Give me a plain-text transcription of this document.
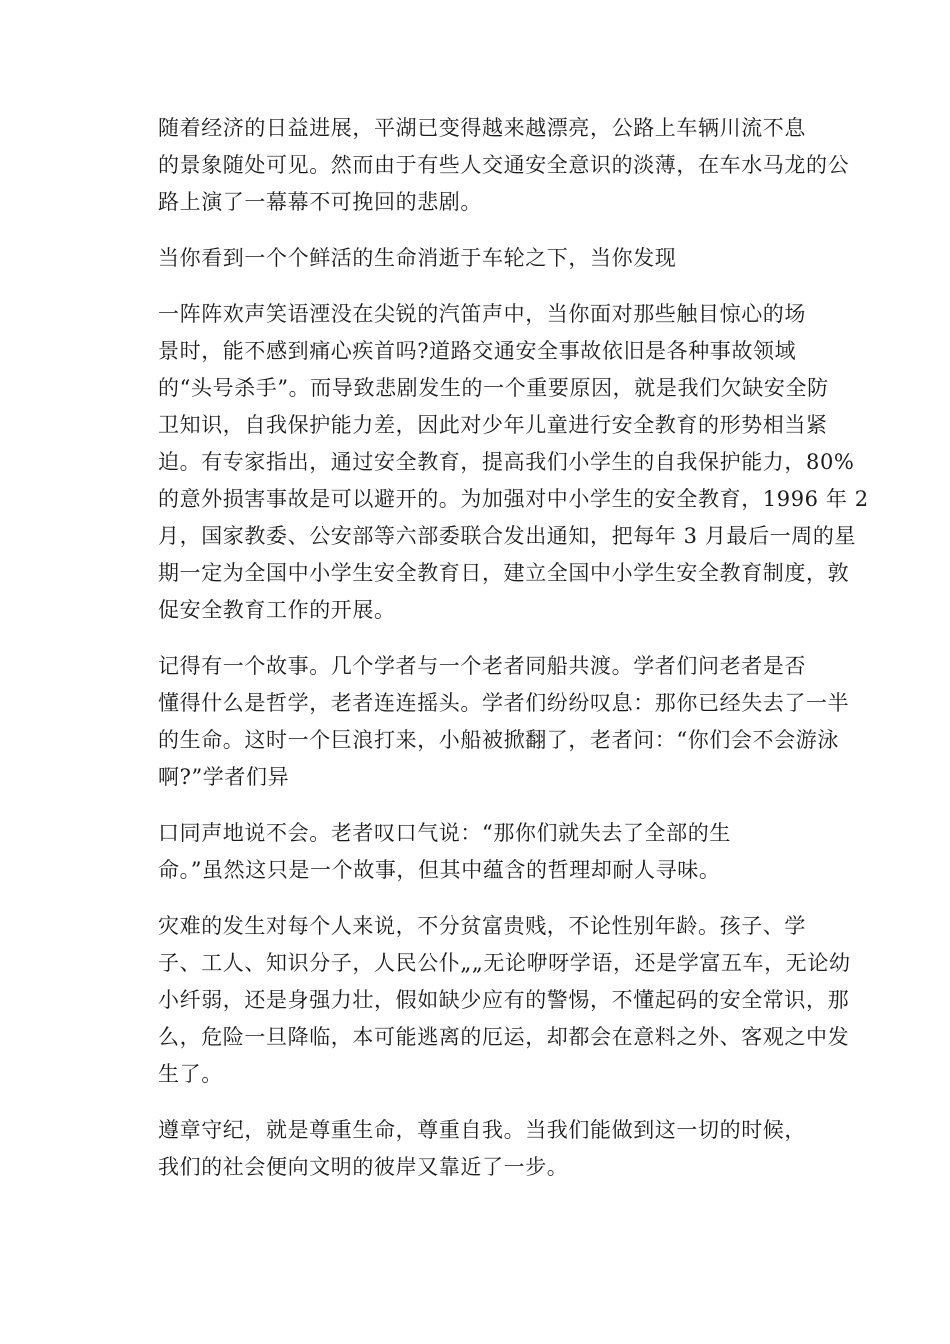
随着经济的日益进展，平湖已变得越来越漂亮，公路上车辆川流不息
的景象随处可见。然而由于有些人交通安全意识的淡薄，在车水马龙的公
路上演了一幕幕不可挽回的悲剧。

当你看到一个个鲜活的生命消逝于车轮之下，当你发现

一阵阵欢声笑语湮没在尖锐的汽笛声中，当你面对那些触目惊心的场
景时，能不感到痛心疾首吗?道路交通安全事故依旧是各种事故领域
的“头号杀手”。而导致悲剧发生的一个重要原因，就是我们欠缺安全防
卫知识，自我保护能力差，因此对少年儿童进行安全教育的形势相当紧
迫。有专家指出，通过安全教育，提高我们小学生的自我保护能力，80%
的意外损害事故是可以避开的。为加强对中小学生的安全教育，1996 年 2
月，国家教委、公安部等六部委联合发出通知，把每年 3 月最后一周的星
期一定为全国中小学生安全教育日，建立全国中小学生安全教育制度，敦
促安全教育工作的开展。

记得有一个故事。几个学者与一个老者同船共渡。学者们问老者是否
懂得什么是哲学，老者连连摇头。学者们纷纷叹息：那你已经失去了一半
的生命。这时一个巨浪打来，小船被掀翻了，老者问：“你们会不会游泳
啊?”学者们异

口同声地说不会。老者叹口气说：“那你们就失去了全部的生
命。”虽然这只是一个故事，但其中蕴含的哲理却耐人寻味。

灾难的发生对每个人来说，不分贫富贵贱，不论性别年龄。孩子、学
子、工人、知识分子，人民公仆„„无论咿呀学语，还是学富五车，无论幼
小纤弱，还是身强力壮，假如缺少应有的警惕，不懂起码的安全常识，那
么，危险一旦降临，本可能逃离的厄运，却都会在意料之外、客观之中发
生了。

遵章守纪，就是尊重生命，尊重自我。当我们能做到这一切的时候，
我们的社会便向文明的彼岸又靠近了一步。
